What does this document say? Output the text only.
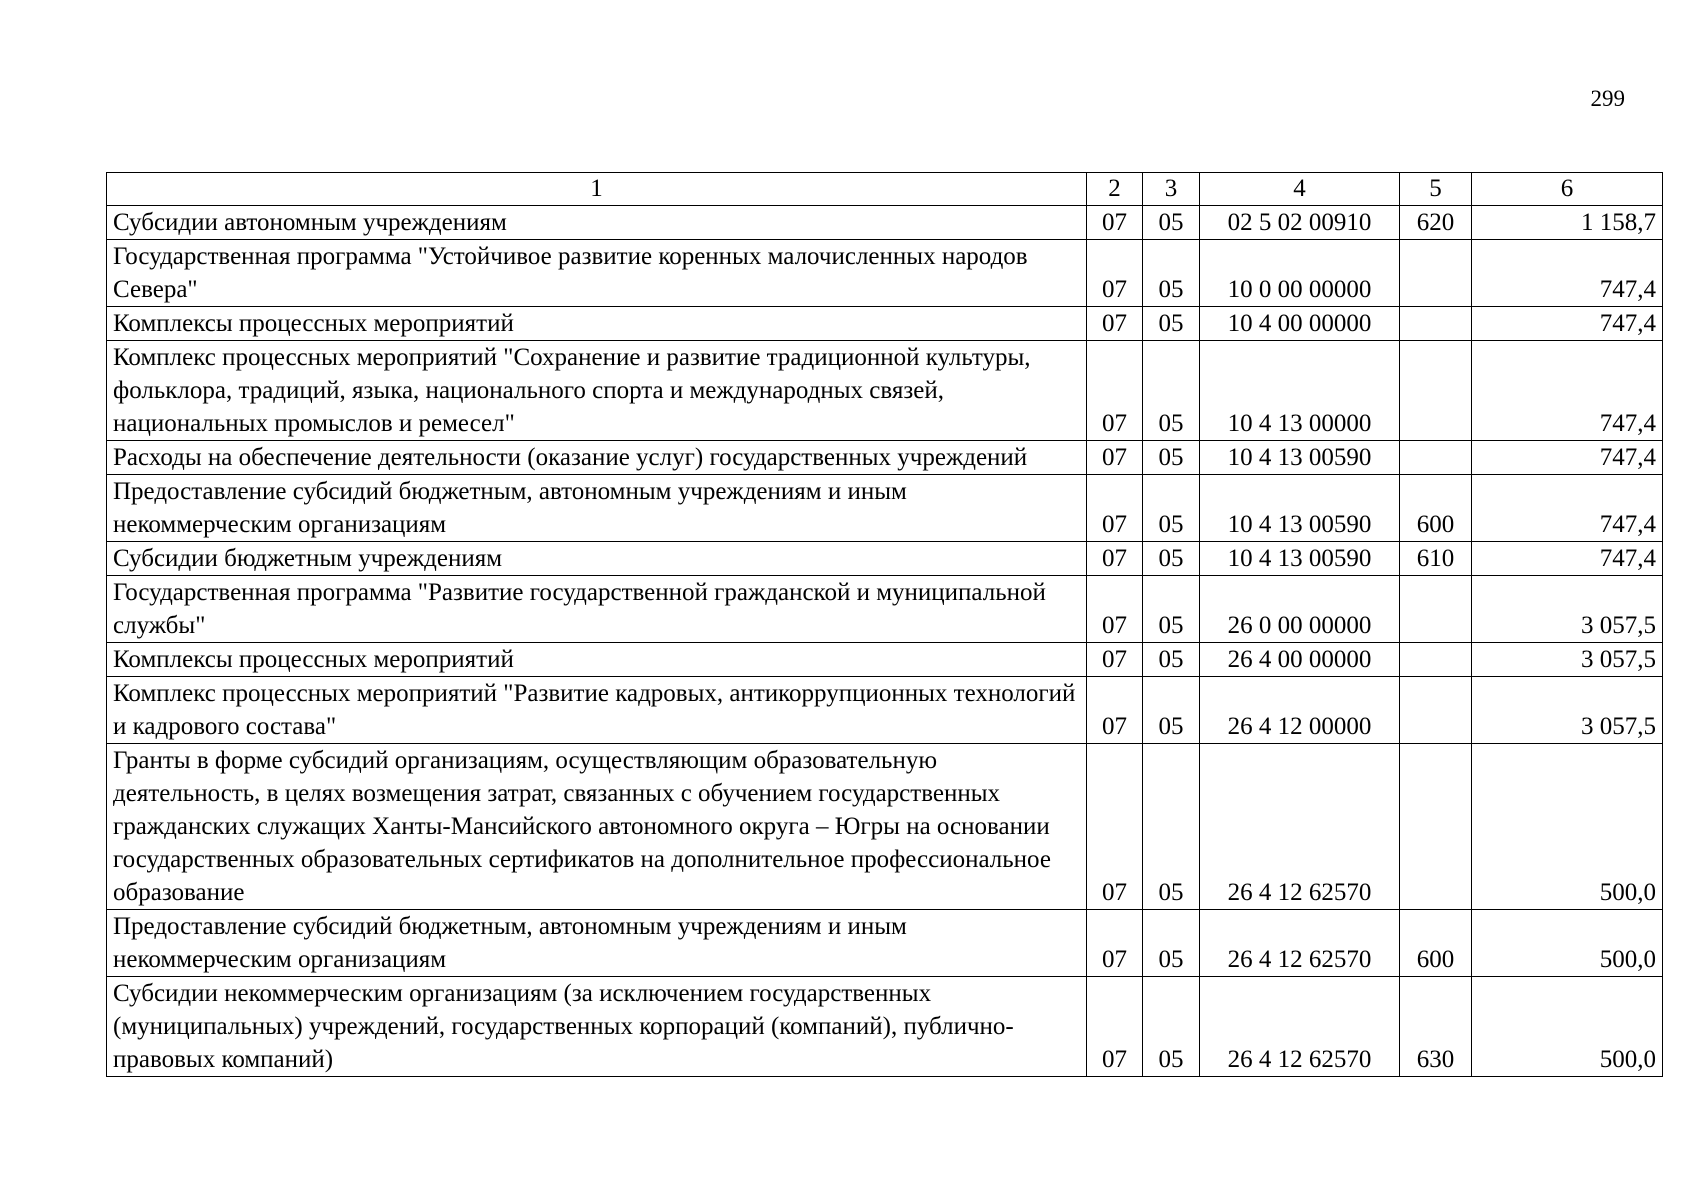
299
1	2	3	4	5	6
Субсидии автономным учреждениям	07	05	02 5 02 00910	620	1 158,7
Государственная программа "Устойчивое развитие коренных малочисленных народов Севера"	07	05	10 0 00 00000		747,4
Комплексы процессных мероприятий	07	05	10 4 00 00000		747,4
Комплекс процессных мероприятий "Сохранение и развитие традиционной культуры, фольклора, традиций, языка, национального спорта и международных связей, национальных промыслов и ремесел"	07	05	10 4 13 00000		747,4
Расходы на обеспечение деятельности (оказание услуг) государственных учреждений	07	05	10 4 13 00590		747,4
Предоставление субсидий бюджетным, автономным учреждениям и иным некоммерческим организациям	07	05	10 4 13 00590	600	747,4
Субсидии бюджетным учреждениям	07	05	10 4 13 00590	610	747,4
Государственная программа "Развитие государственной гражданской и муниципальной службы"	07	05	26 0 00 00000		3 057,5
Комплексы процессных мероприятий	07	05	26 4 00 00000		3 057,5
Комплекс процессных мероприятий "Развитие кадровых, антикоррупционных технологий и кадрового состава"	07	05	26 4 12 00000		3 057,5
Гранты в форме субсидий организациям, осуществляющим образовательную деятельность, в целях возмещения затрат, связанных с обучением государственных гражданских служащих Ханты-Мансийского автономного округа – Югры на основании государственных образовательных сертификатов на дополнительное профессиональное образование	07	05	26 4 12 62570		500,0
Предоставление субсидий бюджетным, автономным учреждениям и иным некоммерческим организациям	07	05	26 4 12 62570	600	500,0
Субсидии некоммерческим организациям (за исключением государственных (муниципальных) учреждений, государственных корпораций (компаний), публично-правовых компаний)	07	05	26 4 12 62570	630	500,0
